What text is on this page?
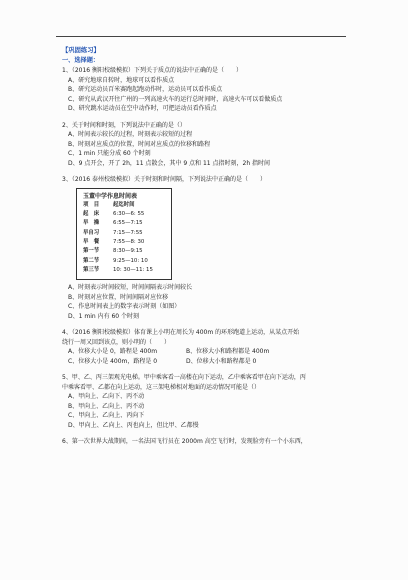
【巩固练习】
一、选择题：
1、（2016 衡阳校级模拟）下列关于质点的说法中正确的是（　　）
A、研究地球自转时，地球可以看作质点
B、研究运动员百米赛跑起跑动作时，运动员可以看作质点
C、研究从武汉开往广州的一列高速火车的运行总时间时，高速火车可以看做质点
D、研究跳水运动员在空中动作时，可把运动员看作质点
2、关于时间和时刻，下列说法中正确的是（）
A、时间表示较长的过程，时刻表示较短的过程
B、时刻对应质点的位置，时间对应质点的位移和路程
C、1 min 只能分成 60 个时刻
D、9 点开会，开了 2h，11 点散会，其中 9 点和 11 点指时刻，2h 指时间
3、（2016 泰州校级模拟）关于时刻和时间隔，下列说法中正确的是（　　）
玉董中学作息时间表
项　目	起迄时间
起　床	6:30—6: 55
早　操	6:55—7:15
早自习	7:15—7:55
早　餐	7:55—8: 30
第一节	8:30—9:15
第二节	9:25—10: 10
第三节	10: 30—11: 15
A、时刻表示时间较短，时间间隔表示时间较长
B、时刻对应位置，时间间隔对应位移
C、作息时间表上的数字表示时刻（如图）
D、1 min 内有 60 个时刻
4、（2016 衡阳校级模拟）体育课上小明在周长为 400m 的环形跑道上运动，从某点开始
绕行一周又回到该点，则小明的（　　）
A、位移大小是 0，路程是 400m	B、位移大小和路程都是 400m
C、位移大小是 400m，路程是 0	D、位移大小和路程都是 0
5、甲、乙、丙三架观光电梯。甲中乘客看一高楼在向下运动，乙中乘客看甲在向下运动，丙
中乘客看甲、乙都在向上运动，这三架电梯相对地面的运动情况可能是（）
A、甲向上、乙向下、丙不动
B、甲向上、乙向上、丙不动
C、甲向上、乙向上、丙向下
D、甲向上、乙向上、丙也向上，但比甲、乙都慢
6、第一次世界大战期间，一名法国飞行员在 2000m 高空飞行时，发现脸旁有一个小东西，
